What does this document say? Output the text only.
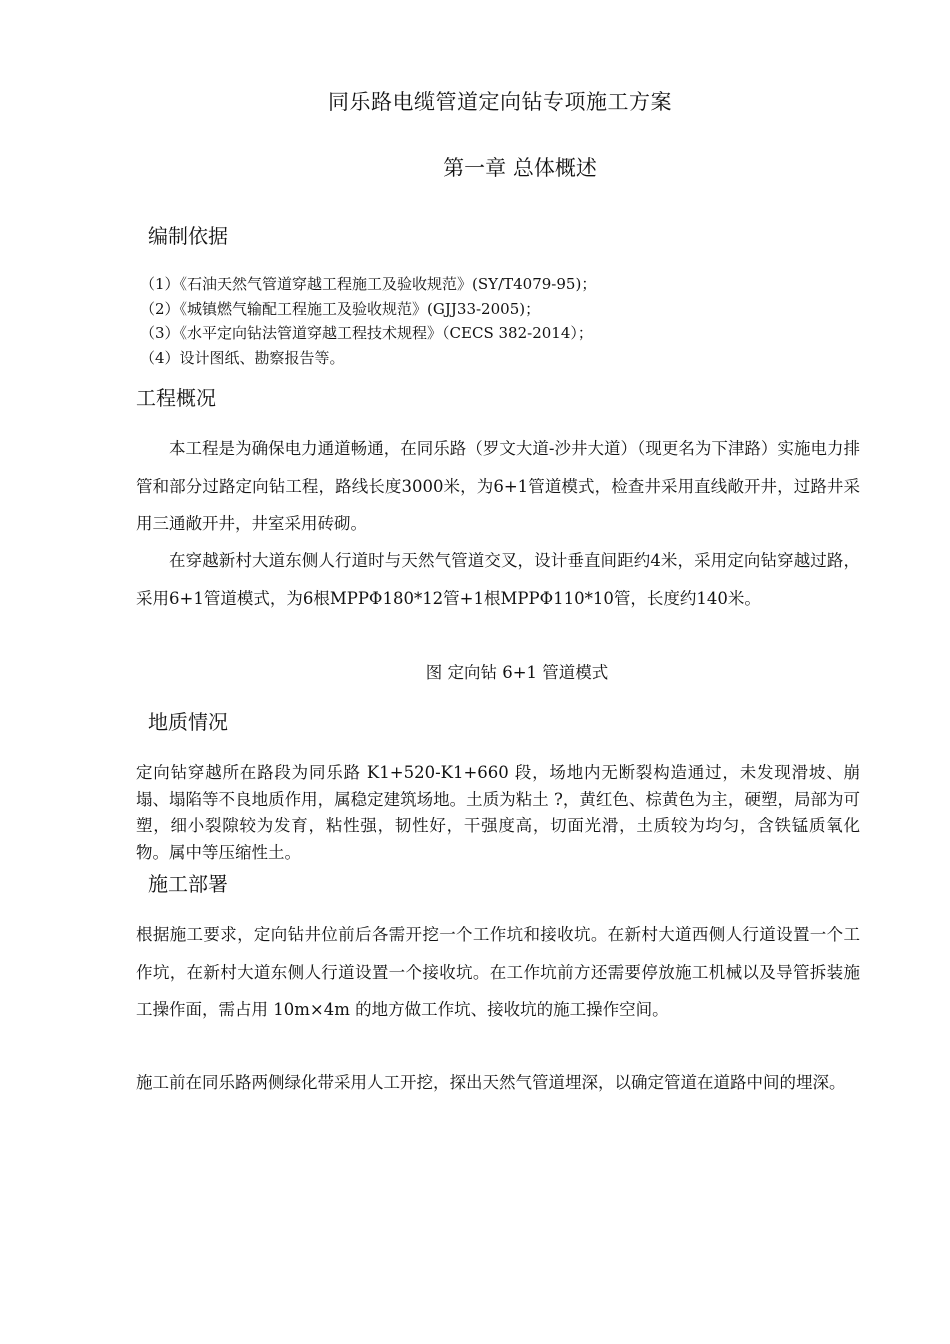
同乐路电缆管道定向钻专项施工方案
第一章 总体概述
编制依据
（1）《石油天然气管道穿越工程施工及验收规范》(SY/T4079-95)；
（2）《城镇燃气输配工程施工及验收规范》(GJJ33-2005)；
（3）《水平定向钻法管道穿越工程技术规程》（CECS 382-2014）；
（4）设计图纸、勘察报告等。
工程概况
本工程是为确保电力通道畅通，在同乐路（罗文大道-沙井大道）（现更名为下津路）实施电力排管和部分过路定向钻工程，路线长度3000米，为6+1管道模式，检查井采用直线敞开井，过路井采用三通敞开井，井室采用砖砌。
在穿越新村大道东侧人行道时与天然气管道交叉，设计垂直间距约4米，采用定向钻穿越过路，采用6+1管道模式，为6根MPPΦ180*12管+1根MPPΦ110*10管，长度约140米。
图 定向钻 6+1 管道模式
地质情况
定向钻穿越所在路段为同乐路 K1+520-K1+660 段，场地内无断裂构造通过，未发现滑坡、崩塌、塌陷等不良地质作用，属稳定建筑场地。土质为粘土 ?，黄红色、棕黄色为主，硬塑，局部为可塑，细小裂隙较为发育，粘性强，韧性好，干强度高，切面光滑，土质较为均匀，含铁锰质氧化物。属中等压缩性土。
施工部署
根据施工要求，定向钻井位前后各需开挖一个工作坑和接收坑。在新村大道西侧人行道设置一个工作坑，在新村大道东侧人行道设置一个接收坑。在工作坑前方还需要停放施工机械以及导管拆装施工操作面，需占用 10m×4m 的地方做工作坑、接收坑的施工操作空间。
施工前在同乐路两侧绿化带采用人工开挖，探出天然气管道埋深，以确定管道在道路中间的埋深。
